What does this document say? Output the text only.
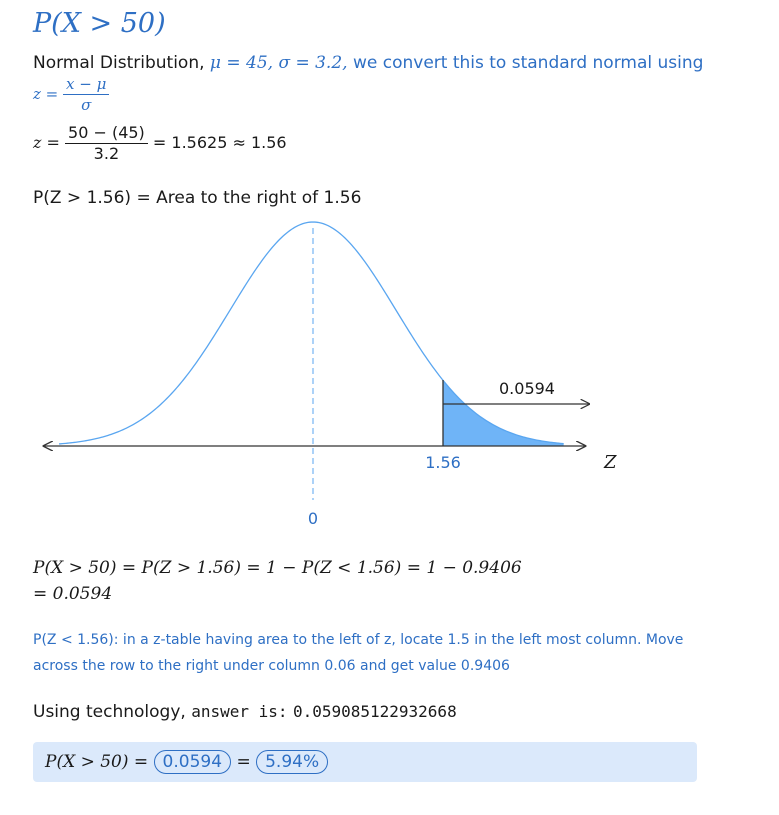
P(X > 50)
Normal Distribution, μ = 45, σ = 3.2, we convert this to standard normal using
$z = \frac{x - \mu}{\sigma}$
$z = \frac{50 - (45)}{3.2} = 1.5625 \approx 1.56$
P(Z > 1.56) = Area to the right of 1.56
0.0594
1.56
0
Z
P(X > 50) = P(Z > 1.56) = 1 − P(Z < 1.56) = 1 − 0.9406
= 0.0594
P(Z < 1.56): in a z-table having area to the left of z, locate 1.5 in the left most column. Move
across the row to the right under column 0.06 and get value 0.9406
Using technology, answer is: 0.059085122932668
P(X > 50) = 0.0594 = 5.94%
